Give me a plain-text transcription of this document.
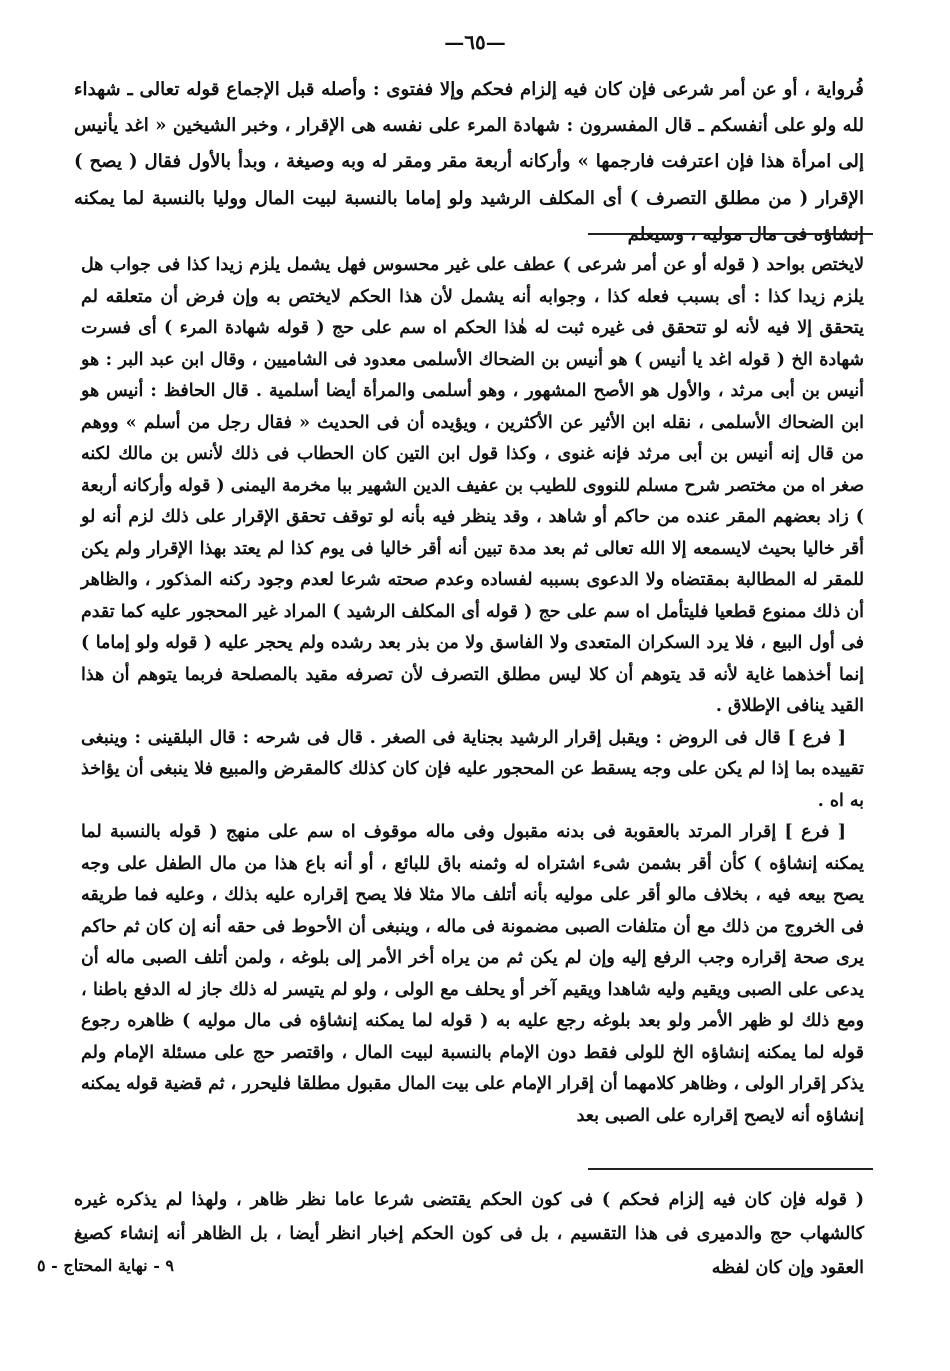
—٦٥—

فُرواية ، أو عن أمر شرعى فإن كان فيه إلزام فحكم وإلا ففتوى : وأصله قبل الإجماع قوله تعالى ـ شهداء لله ولو على أنفسكم ـ قال المفسرون : شهادة المرء على نفسه هى الإقرار ، وخبر الشيخين « اغد يأنيس إلى امرأة هذا فإن اعترفت فارجمها » وأركانه أربعة مقر ومقر له وبه وصيغة ، وبدأ بالأول فقال ( يصح ) الإقرار ( من مطلق التصرف ) أى المكلف الرشيد ولو إماما بالنسبة لبيت المال ووليا بالنسبة لما يمكنه إنشاؤه فى مال موليه ، وسيعلم

لايختص بواحد ( قوله أو عن أمر شرعى ) عطف على غير محسوس فهل يشمل يلزم زيدا كذا فى جواب هل يلزم زيدا كذا : أى بسبب فعله كذا ، وجوابه أنه يشمل لأن هذا الحكم لايختص به وإن فرض أن متعلقه لم يتحقق إلا فيه لأنه لو تتحقق فى غيره ثبت له هٰذا الحكم اه سم على حج ( قوله شهادة المرء ) أى فسرت شهادة الخ ( قوله اغد يا أنيس ) هو أنيس بن الضحاك الأسلمى معدود فى الشاميين ، وقال ابن عبد البر : هو أنيس بن أبى مرثد ، والأول هو الأصح المشهور ، وهو أسلمى والمرأة أيضا أسلمية . قال الحافظ : أنيس هو ابن الضحاك الأسلمى ، نقله ابن الأثير عن الأكثرين ، ويؤيده أن فى الحديث « فقال رجل من أسلم » ووهم من قال إنه أنيس بن أبى مرثد فإنه غنوى ، وكذا قول ابن التين كان الحطاب فى ذلك لأنس بن مالك لكنه صغر اه من مختصر شرح مسلم للنووى للطيب بن عفيف الدين الشهير ببا مخرمة اليمنى ( قوله وأركانه أربعة ) زاد بعضهم المقر عنده من حاكم أو شاهد ، وقد ينظر فيه بأنه لو توقف تحقق الإقرار على ذلك لزم أنه لو أقر خاليا بحيث لايسمعه إلا الله تعالى ثم بعد مدة تبين أنه أقر خاليا فى يوم كذا لم يعتد بهذا الإقرار ولم يكن للمقر له المطالبة بمقتضاه ولا الدعوى بسببه لفساده وعدم صحته شرعا لعدم وجود ركنه المذكور ، والظاهر أن ذلك ممنوع قطعيا فليتأمل اه سم على حج ( قوله أى المكلف الرشيد ) المراد غير المحجور عليه كما تقدم فى أول البيع ، فلا يرد السكران المتعدى ولا الفاسق ولا من بذر بعد رشده ولم يحجر عليه ( قوله ولو إماما ) إنما أخذهما غاية لأنه قد يتوهم أن كلا ليس مطلق التصرف لأن تصرفه مقيد بالمصلحة فربما يتوهم أن هذا القيد ينافى الإطلاق .

[ فرع ] قال فى الروض : ويقبل إقرار الرشيد بجناية فى الصغر . قال فى شرحه : قال البلقينى : وينبغى تقييده بما إذا لم يكن على وجه يسقط عن المحجور عليه فإن كان كذلك كالمقرض والمبيع فلا ينبغى أن يؤاخذ به اه .

[ فرع ] إقرار المرتد بالعقوبة فى بدنه مقبول وفى ماله موقوف اه سم على منهج ( قوله بالنسبة لما يمكنه إنشاؤه ) كأن أقر بشمن شىء اشتراه له وثمنه باق للبائع ، أو أنه باع هذا من مال الطفل على وجه يصح بيعه فيه ، بخلاف مالو أقر على موليه بأنه أتلف مالا مثلا فلا يصح إقراره عليه بذلك ، وعليه فما طريقه فى الخروج من ذلك مع أن متلفات الصبى مضمونة فى ماله ، وينبغى أن الأحوط فى حقه أنه إن كان ثم حاكم يرى صحة إقراره وجب الرفع إليه وإن لم يكن ثم من يراه أخر الأمر إلى بلوغه ، ولمن أتلف الصبى ماله أن يدعى على الصبى ويقيم وليه شاهدا ويقيم آخر أو يحلف مع الولى ، ولو لم يتيسر له ذلك جاز له الدفع باطنا ، ومع ذلك لو ظهر الأمر ولو بعد بلوغه رجع عليه به ( قوله لما يمكنه إنشاؤه فى مال موليه ) ظاهره رجوع قوله لما يمكنه إنشاؤه الخ للولى فقط دون الإمام بالنسبة لبيت المال ، واقتصر حج على مسئلة الإمام ولم يذكر إقرار الولى ، وظاهر كلامهما أن إقرار الإمام على بيت المال مقبول مطلقا فليحرر ، ثم قضية قوله يمكنه إنشاؤه أنه لايصح إقراره على الصبى بعد

( قوله فإن كان فيه إلزام فحكم ) فى كون الحكم يقتضى شرعا عاما نظر ظاهر ، ولهذا لم يذكره غيره كالشهاب حج والدميرى فى هذا التقسيم ، بل فى كون الحكم إخبار انظر أيضا ، بل الظاهر أنه إنشاء كصيغ العقود وإن كان لفظه

٩ - نهاية المحتاج - ٥
